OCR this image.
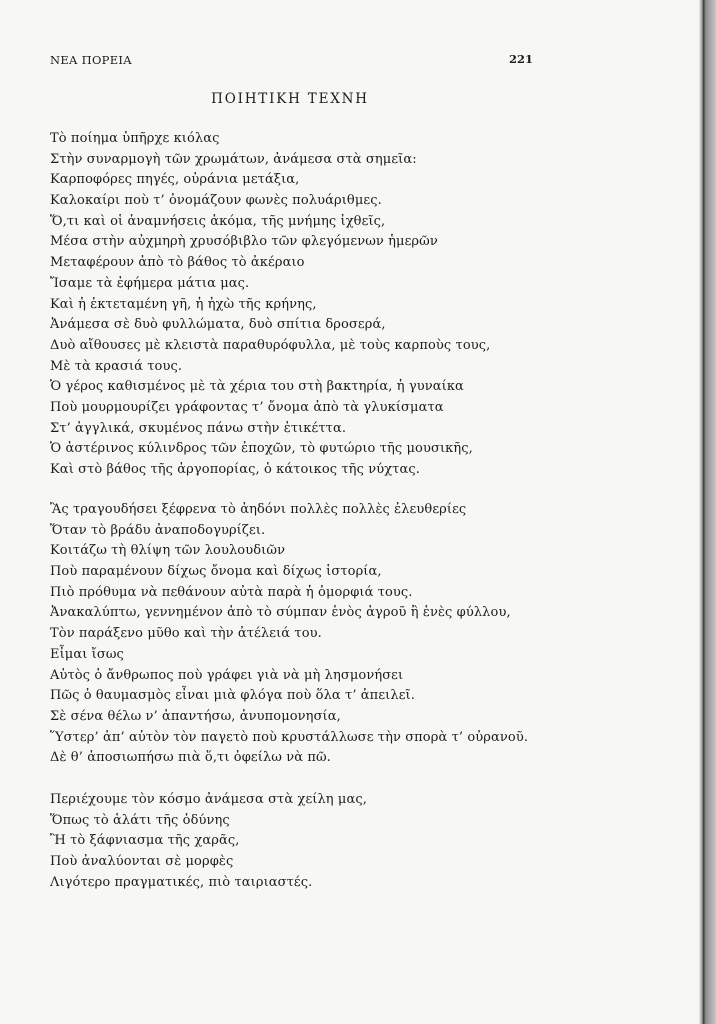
ΝΕΑ ΠΟΡΕΙΑ	221
ΠΟΙΗΤΙΚΗ ΤΕΧΝΗ
Τὸ ποίημα ὑπῆρχε κιόλας
Στὴν συναρμογὴ τῶν χρωμάτων, ἀνάμεσα στὰ σημεῖα:
Καρποφόρες πηγές, οὐράνια μετάξια,
Καλοκαίρι ποὺ τ’ ὀνομάζουν φωνὲς πολυάριθμες.
Ὅ,τι καὶ οἱ ἀναμνήσεις ἀκόμα, τῆς μνήμης ἰχθεῖς,
Μέσα στὴν αὐχμηρὴ χρυσόβιβλο τῶν φλεγόμενων ἡμερῶν
Μεταφέρουν ἀπὸ τὸ βάθος τὸ ἀκέραιο
Ἴσαμε τὰ ἐφήμερα μάτια μας.
Καὶ ἡ ἐκτεταμένη γῆ, ἡ ἠχὼ τῆς κρήνης,
Ἀνάμεσα σὲ δυὸ φυλλώματα, δυὸ σπίτια δροσερά,
Δυὸ αἴθουσες μὲ κλειστὰ παραθυρόφυλλα, μὲ τοὺς καρποὺς τους,
Μὲ τὰ κρασιά τους.
Ὁ γέρος καθισμένος μὲ τὰ χέρια του στὴ βακτηρία, ἡ γυναίκα
Ποὺ μουρμουρίζει γράφοντας τ’ ὄνομα ἀπὸ τὰ γλυκίσματα
Στ’ ἀγγλικά, σκυμένος πάνω στὴν ἐτικέττα.
Ὁ ἀστέρινος κύλινδρος τῶν ἐποχῶν, τὸ φυτώριο τῆς μουσικῆς,
Καὶ στὸ βάθος τῆς ἀργοπορίας, ὁ κάτοικος τῆς νύχτας.
Ἂς τραγουδήσει ξέφρενα τὸ ἀηδόνι πολλὲς πολλὲς ἐλευθερίες
Ὅταν τὸ βράδυ ἀναποδογυρίζει.
Κοιτάζω τὴ θλίψη τῶν λουλουδιῶν
Ποὺ παραμένουν δίχως ὄνομα καὶ δίχως ἱστορία,
Πιὸ πρόθυμα νὰ πεθάνουν αὐτὰ παρὰ ἡ ὀμορφιά τους.
Ἀνακαλύπτω, γεννημένον ἀπὸ τὸ σύμπαν ἑνὸς ἀγροῦ ἢ ἑνὲς φύλλου,
Τὸν παράξενο μῦθο καὶ τὴν ἀτέλειά του.
Εἶμαι ἴσως
Αὐτὸς ὁ ἄνθρωπος ποὺ γράφει γιὰ νὰ μὴ λησμονήσει
Πῶς ὁ θαυμασμὸς εἶναι μιὰ φλόγα ποὺ ὅλα τ’ ἀπειλεῖ.
Σὲ σένα θέλω ν’ ἀπαντήσω, ἀνυπομονησία,
Ὕστερ’ ἀπ’ αὐτὸν τὸν παγετὸ ποὺ κρυστάλλωσε τὴν σπορὰ τ’ οὐρανοῦ.
Δὲ θ’ ἀποσιωπήσω πιὰ ὅ,τι ὀφείλω νὰ πῶ.
Περιέχουμε τὸν κόσμο ἀνάμεσα στὰ χείλη μας,
Ὅπως τὸ ἁλάτι τῆς ὀδύνης
Ἢ τὸ ξάφνιασμα τῆς χαρᾶς,
Ποὺ ἀναλύονται σὲ μορφὲς
Λιγότερο πραγματικές, πιὸ ταιριαστές.
